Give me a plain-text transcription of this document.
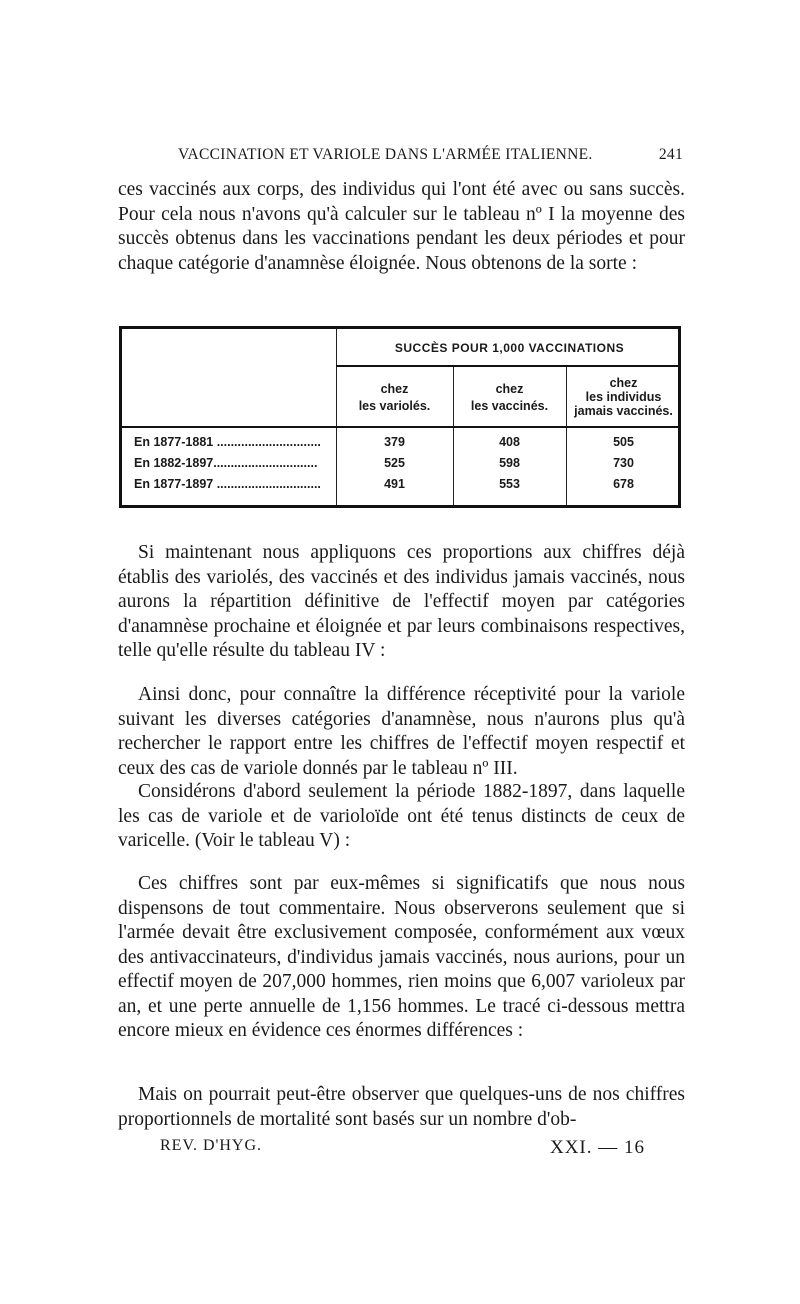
VACCINATION ET VARIOLE DANS L'ARMÉE ITALIENNE.	241
ces vaccinés aux corps, des individus qui l'ont été avec ou sans succès. Pour cela nous n'avons qu'à calculer sur le tableau nº I la moyenne des succès obtenus dans les vaccinations pendant les deux périodes et pour chaque catégorie d'anamnèse éloignée. Nous obtenons de la sorte :
SUCCÈS POUR 1,000 VACCINATIONS
chez
les variolés.
chez
les vaccinés.
chez
les individus
jamais vaccinés.
En 1877-1881 ..............................	379	408	505
En 1882-1897..............................	525	598	730
En 1877-1897 ..............................	491	553	678
Si maintenant nous appliquons ces proportions aux chiffres déjà établis des variolés, des vaccinés et des individus jamais vaccinés, nous aurons la répartition définitive de l'effectif moyen par catégories d'anamnèse prochaine et éloignée et par leurs combinaisons respectives, telle qu'elle résulte du tableau IV :
Ainsi donc, pour connaître la différence réceptivité pour la variole suivant les diverses catégories d'anamnèse, nous n'aurons plus qu'à rechercher le rapport entre les chiffres de l'effectif moyen respectif et ceux des cas de variole donnés par le tableau nº III.
Considérons d'abord seulement la période 1882-1897, dans laquelle les cas de variole et de varioloïde ont été tenus distincts de ceux de varicelle. (Voir le tableau V) :
Ces chiffres sont par eux-mêmes si significatifs que nous nous dispensons de tout commentaire. Nous observerons seulement que si l'armée devait être exclusivement composée, conformément aux vœux des antivaccinateurs, d'individus jamais vaccinés, nous aurions, pour un effectif moyen de 207,000 hommes, rien moins que 6,007 varioleux par an, et une perte annuelle de 1,156 hommes. Le tracé ci-dessous mettra encore mieux en évidence ces énormes différences :
Mais on pourrait peut-être observer que quelques-uns de nos chiffres proportionnels de mortalité sont basés sur un nombre d'ob-
REV. D'HYG.	XXI. — 16
